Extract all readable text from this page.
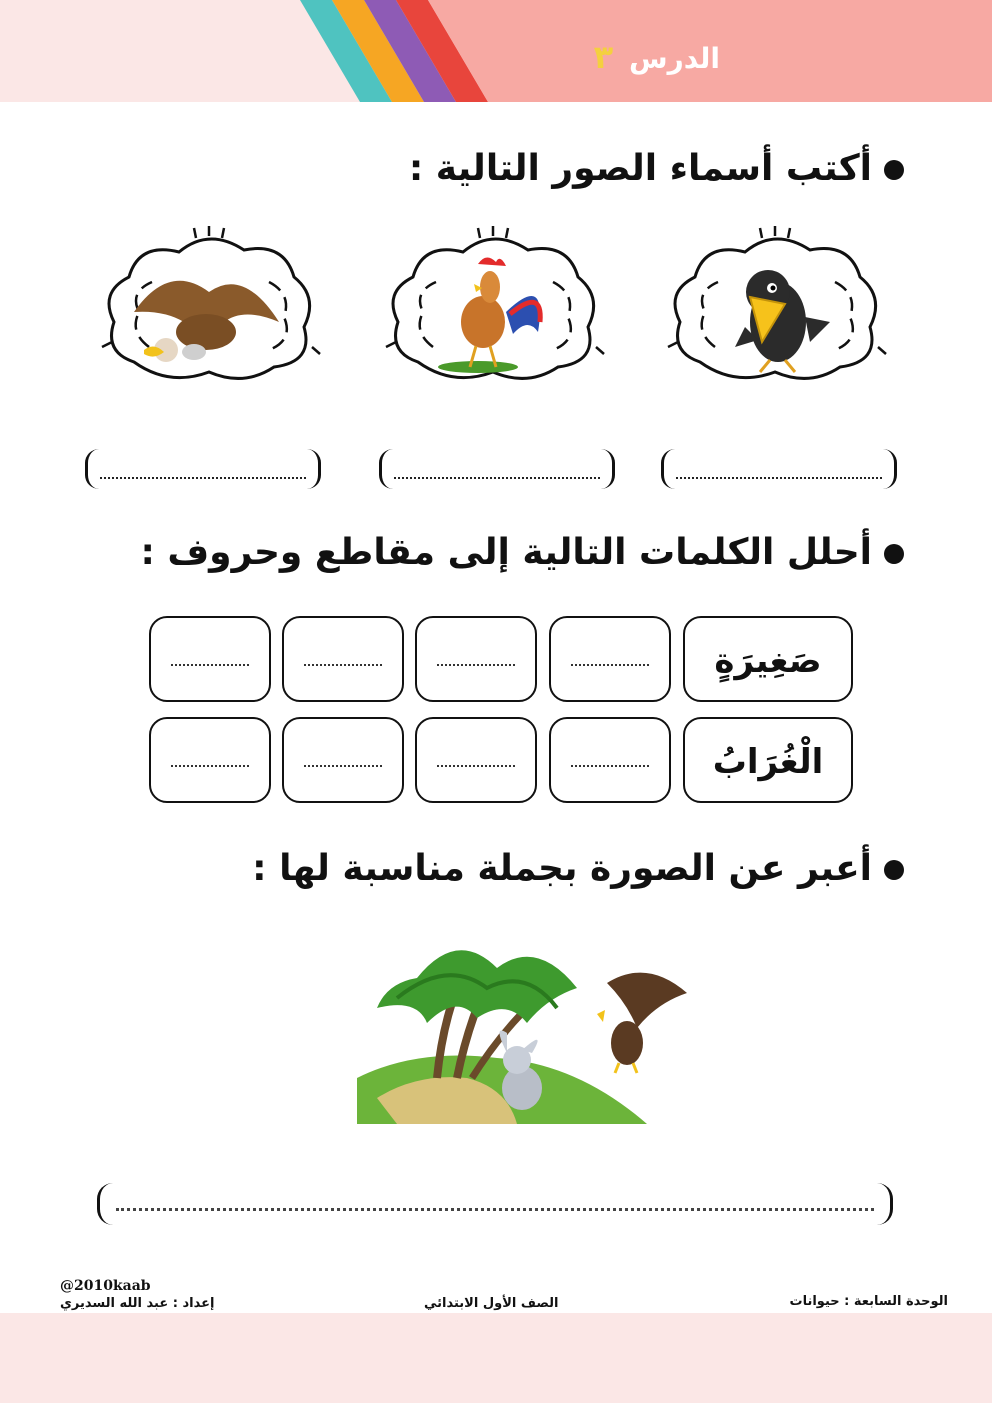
الدرس ٣
أكتب أسماء الصور التالية :
أحلل الكلمات التالية إلى مقاطع وحروف :
صَغِيرَةٍ
الْغُرَابُ
أعبر عن الصورة بجملة مناسبة لها :
@2010kaab
إعداد : عبد الله السديري	الصف الأول الابتدائي	الوحدة السابعة : حيوانات
